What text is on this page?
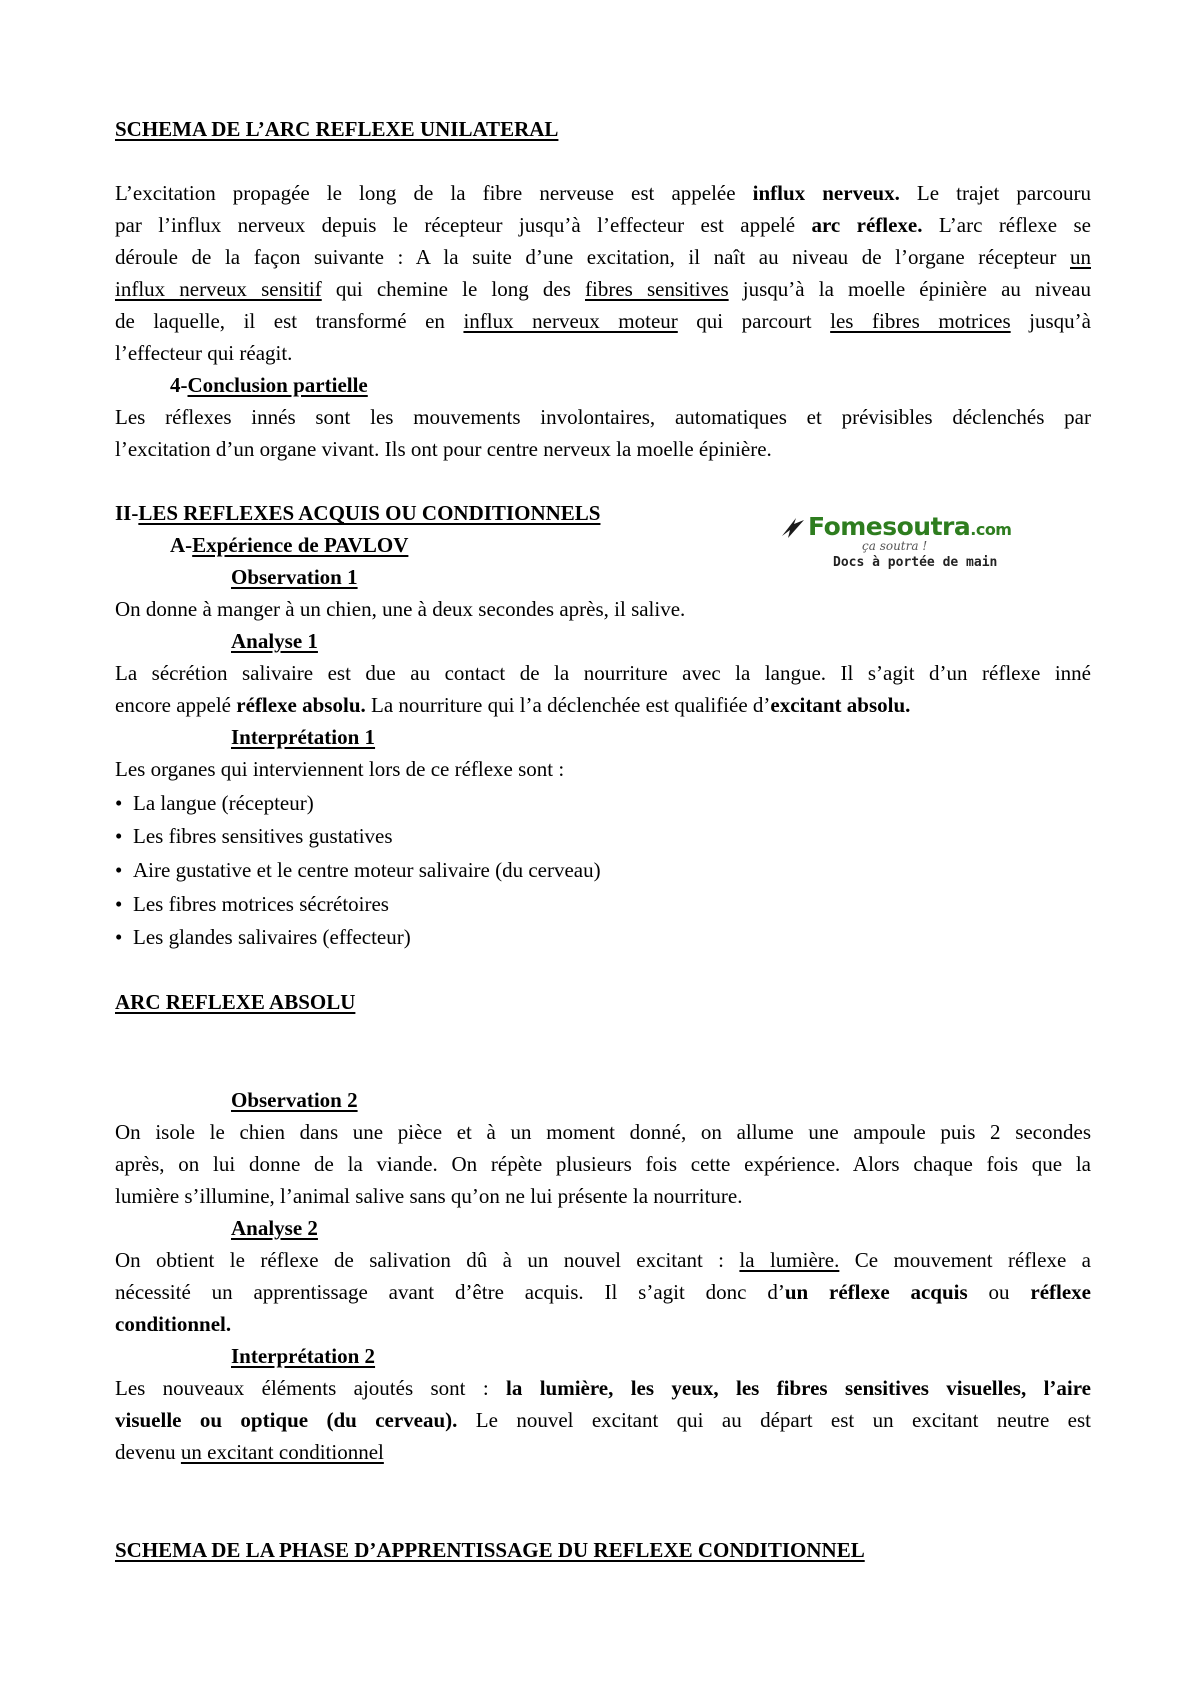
SCHEMA DE L’ARC REFLEXE UNILATERAL
L’excitation propagée le long de la fibre nerveuse est appelée influx nerveux. Le trajet parcouru
par l’influx nerveux depuis le récepteur jusqu’à l’effecteur est appelé arc réflexe. L’arc réflexe se
déroule de la façon suivante : A la suite d’une excitation, il naît au niveau de l’organe récepteur un
influx nerveux sensitif qui chemine le long des fibres sensitives jusqu’à la moelle épinière au niveau
de laquelle, il est transformé en influx nerveux moteur qui parcourt les fibres motrices jusqu’à
l’effecteur qui réagit.
4-Conclusion partielle
Les réflexes innés sont les mouvements involontaires, automatiques et prévisibles déclenchés par
l’excitation d’un organe vivant. Ils ont pour centre nerveux la moelle épinière.
II-LES REFLEXES ACQUIS OU CONDITIONNELS
A-Expérience de PAVLOV
Fomesoutra.com
ça soutra !
Docs à portée de main
Observation 1
On donne à manger à un chien, une à deux secondes après, il salive.
Analyse 1
La sécrétion salivaire est due au contact de la nourriture avec la langue. Il s’agit d’un réflexe inné
encore appelé réflexe absolu. La nourriture qui l’a déclenchée est qualifiée d’excitant absolu.
Interprétation 1
Les organes qui interviennent lors de ce réflexe sont :
• La langue (récepteur)
• Les fibres sensitives gustatives
• Aire gustative et le centre moteur salivaire (du cerveau)
• Les fibres motrices sécrétoires
• Les glandes salivaires (effecteur)
ARC REFLEXE ABSOLU
Observation 2
On isole le chien dans une pièce et à un moment donné, on allume une ampoule puis 2 secondes
après, on lui donne de la viande. On répète plusieurs fois cette expérience. Alors chaque fois que la
lumière s’illumine, l’animal salive sans qu’on ne lui présente la nourriture.
Analyse 2
On obtient le réflexe de salivation dû à un nouvel excitant : la lumière. Ce mouvement réflexe a
nécessité un apprentissage avant d’être acquis. Il s’agit donc d’un réflexe acquis ou réflexe
conditionnel.
Interprétation 2
Les nouveaux éléments ajoutés sont : la lumière, les yeux, les fibres sensitives visuelles, l’aire
visuelle ou optique (du cerveau). Le nouvel excitant qui au départ est un excitant neutre est
devenu un excitant conditionnel
SCHEMA DE LA PHASE D’APPRENTISSAGE DU REFLEXE CONDITIONNEL
